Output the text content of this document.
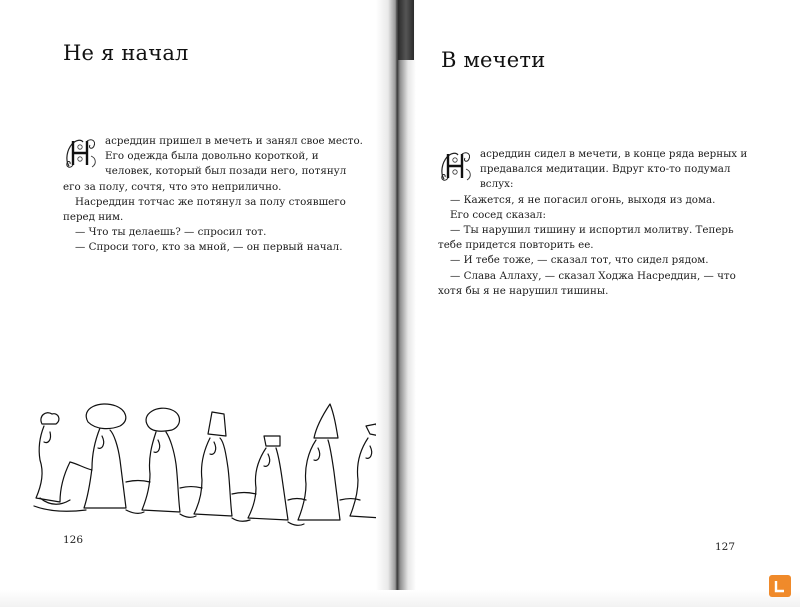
Не я начал

асреддин пришел в мечеть и занял свое место. Его одежда была довольно короткой, и человек, который был позади него, потянул его за полу, сочтя, что это неприлично.

Насреддин тотчас же потянул за полу стоявшего перед ним.

— Что ты делаешь? — спросил тот.

— Спроси того, кто за мной, — он первый начал.

126
В мечети

асреддин сидел в мечети, в конце ряда верных и предавался медитации. Вдруг кто-то подумал вслух:

— Кажется, я не погасил огонь, выходя из дома.

Его сосед сказал:

— Ты нарушил тишину и испортил молитву. Теперь тебе придется повторить ее.

— И тебе тоже, — сказал тот, что сидел рядом.

— Слава Аллаху, — сказал Ходжа Насреддин, — что хотя бы я не нарушил тишины.

127
